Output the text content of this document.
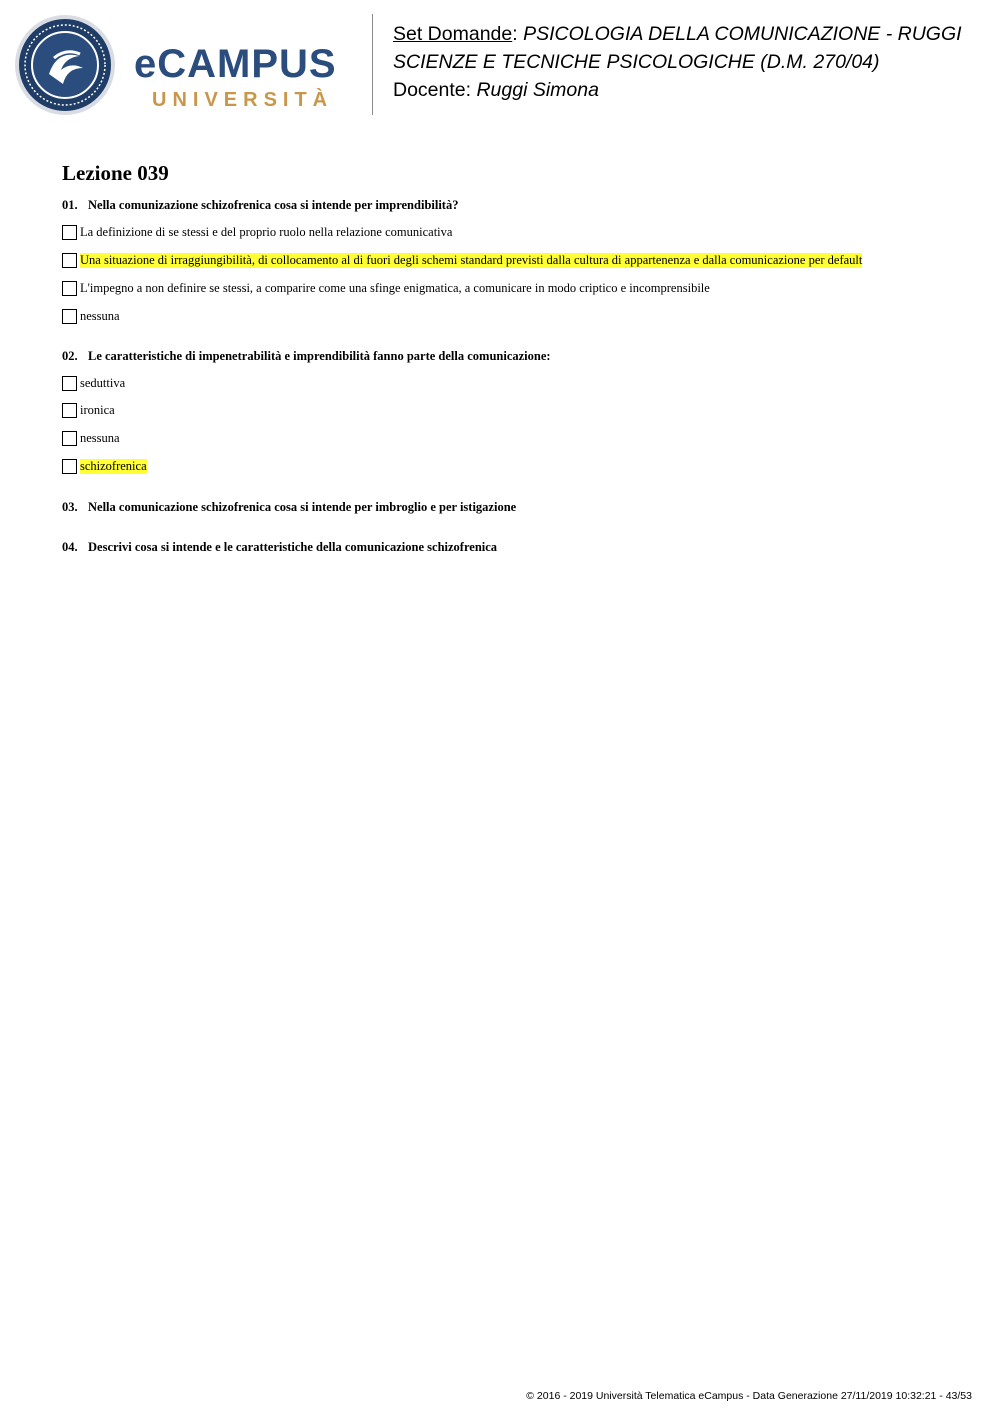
eCAMPUS
UNIVERSITÀ
Set Domande: PSICOLOGIA DELLA COMUNICAZIONE - RUGGI
SCIENZE E TECNICHE PSICOLOGICHE (D.M. 270/04)
Docente: Ruggi Simona
Lezione 039
01. Nella comunizazione schizofrenica cosa si intende per imprendibilità?
La definizione di se stessi e del proprio ruolo nella relazione comunicativa
Una situazione di irraggiungibilità, di collocamento al di fuori degli schemi standard previsti dalla cultura di appartenenza e dalla comunicazione per default
L'impegno a non definire se stessi, a comparire come una sfinge enigmatica, a comunicare in modo criptico e incomprensibile
nessuna
02. Le caratteristiche di impenetrabilità e imprendibilità fanno parte della comunicazione:
seduttiva
ironica
nessuna
schizofrenica
03. Nella comunicazione schizofrenica cosa si intende per imbroglio e per istigazione
04. Descrivi cosa si intende e le caratteristiche della comunicazione schizofrenica
© 2016 - 2019 Università Telematica eCampus - Data Generazione 27/11/2019 10:32:21 - 43/53
